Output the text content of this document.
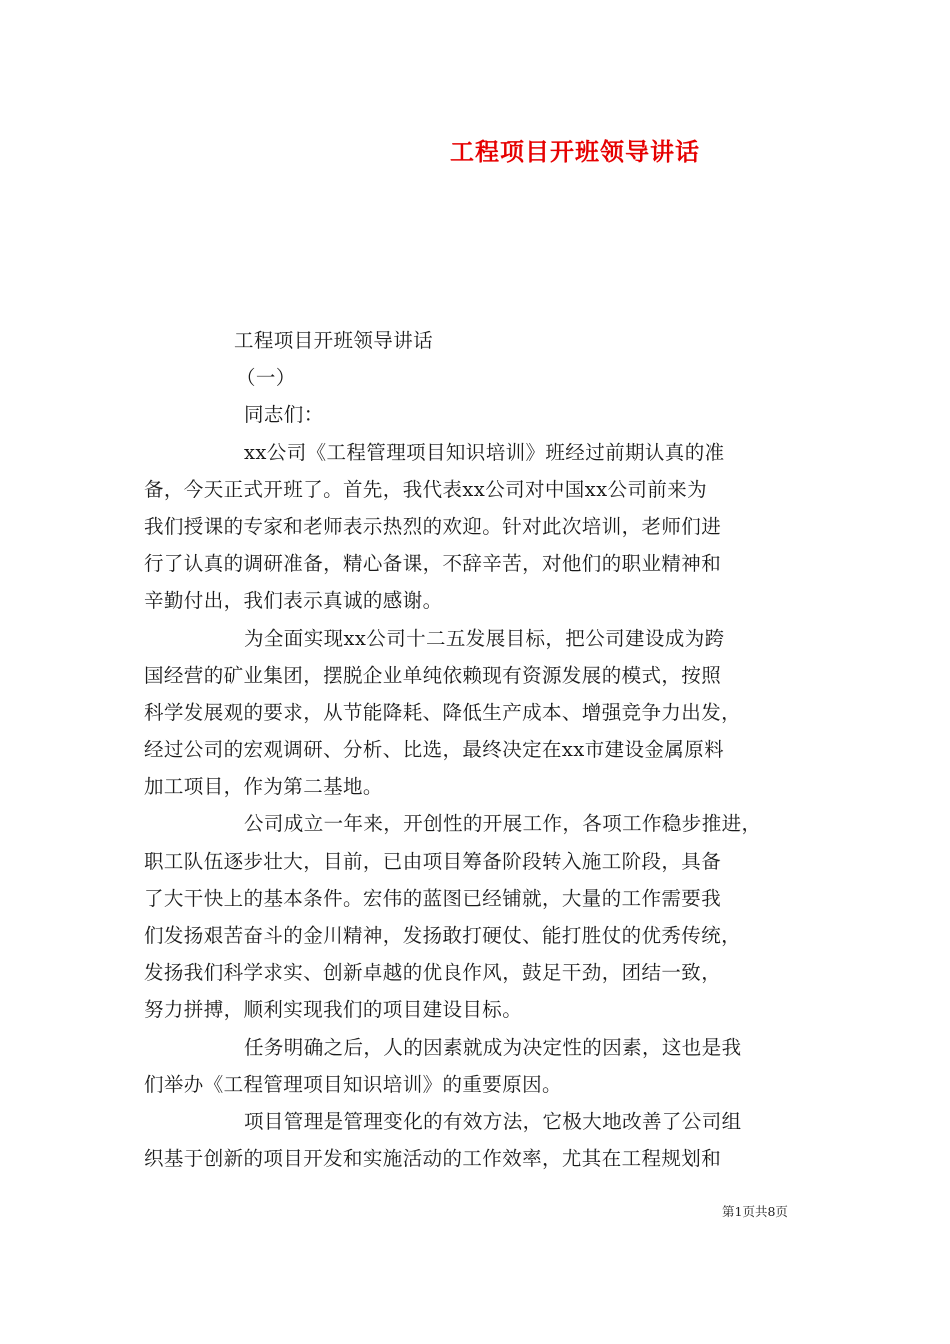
工程项目开班领导讲话
工程项目开班领导讲话
（一）
同志们：
xx公司《工程管理项目知识培训》班经过前期认真的准
备，今天正式开班了。首先，我代表xx公司对中国xx公司前来为
我们授课的专家和老师表示热烈的欢迎。针对此次培训，老师们进
行了认真的调研准备，精心备课，不辞辛苦，对他们的职业精神和
辛勤付出，我们表示真诚的感谢。
为全面实现xx公司十二五发展目标，把公司建设成为跨
国经营的矿业集团，摆脱企业单纯依赖现有资源发展的模式，按照
科学发展观的要求，从节能降耗、降低生产成本、增强竞争力出发，
经过公司的宏观调研、分析、比选，最终决定在xx市建设金属原料
加工项目，作为第二基地。
公司成立一年来，开创性的开展工作，各项工作稳步推进，
职工队伍逐步壮大，目前，已由项目筹备阶段转入施工阶段，具备
了大干快上的基本条件。宏伟的蓝图已经铺就，大量的工作需要我
们发扬艰苦奋斗的金川精神，发扬敢打硬仗、能打胜仗的优秀传统，
发扬我们科学求实、创新卓越的优良作风，鼓足干劲，团结一致，
努力拼搏，顺利实现我们的项目建设目标。
任务明确之后，人的因素就成为决定性的因素，这也是我
们举办《工程管理项目知识培训》的重要原因。
项目管理是管理变化的有效方法，它极大地改善了公司组
织基于创新的项目开发和实施活动的工作效率，尤其在工程规划和
第1页共8页
